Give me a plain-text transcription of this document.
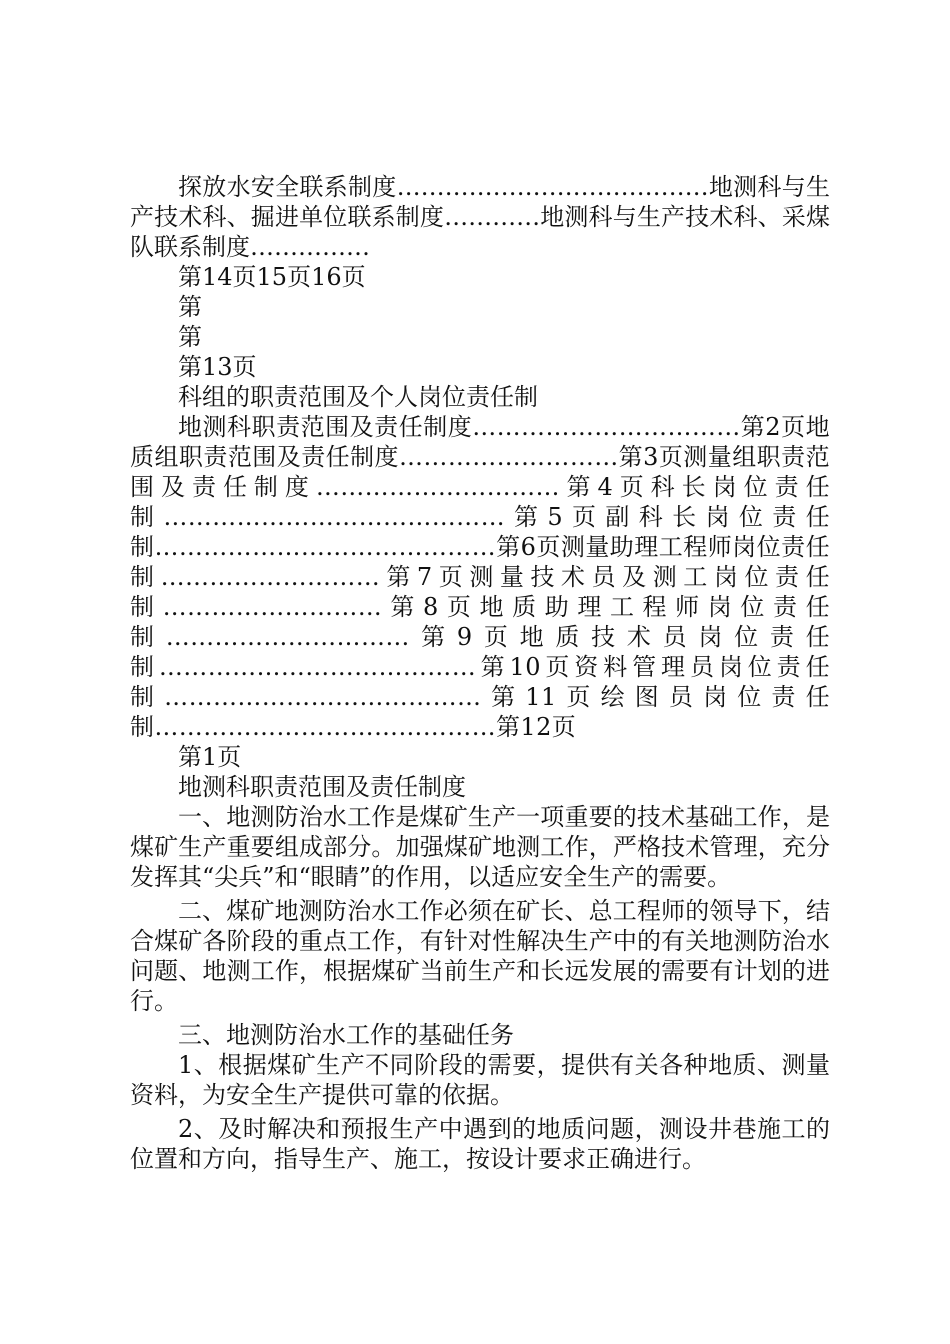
探放水安全联系制度…………………………………地测科与生产技术科、掘进单位联系制度…………地测科与生产技术科、采煤队联系制度……………

第14页15页16页

第

第

第13页

科组的职责范围及个人岗位责任制

地测科职责范围及责任制度……………………………第2页地质组职责范围及责任制度………………………第3页测量组职责范围及责任制度…………………………第4页科长岗位责任制……………………………………第5页副科长岗位责任制……………………………………第6页测量助理工程师岗位责任制………………………第7页测量技术员及测工岗位责任制………………………第8页地质助理工程师岗位责任制…………………………第9页地质技术员岗位责任制…………………………………第10页资料管理员岗位责任制…………………………………第11页绘图员岗位责任制……………………………………第12页

第1页

地测科职责范围及责任制度

一、地测防治水工作是煤矿生产一项重要的技术基础工作，是煤矿生产重要组成部分。加强煤矿地测工作，严格技术管理，充分发挥其“尖兵”和“眼睛”的作用，以适应安全生产的需要。

二、煤矿地测防治水工作必须在矿长、总工程师的领导下，结合煤矿各阶段的重点工作，有针对性解决生产中的有关地测防治水问题、地测工作，根据煤矿当前生产和长远发展的需要有计划的进行。

三、地测防治水工作的基础任务

1、根据煤矿生产不同阶段的需要，提供有关各种地质、测量资料，为安全生产提供可靠的依据。

2、及时解决和预报生产中遇到的地质问题，测设井巷施工的位置和方向，指导生产、施工，按设计要求正确进行。
